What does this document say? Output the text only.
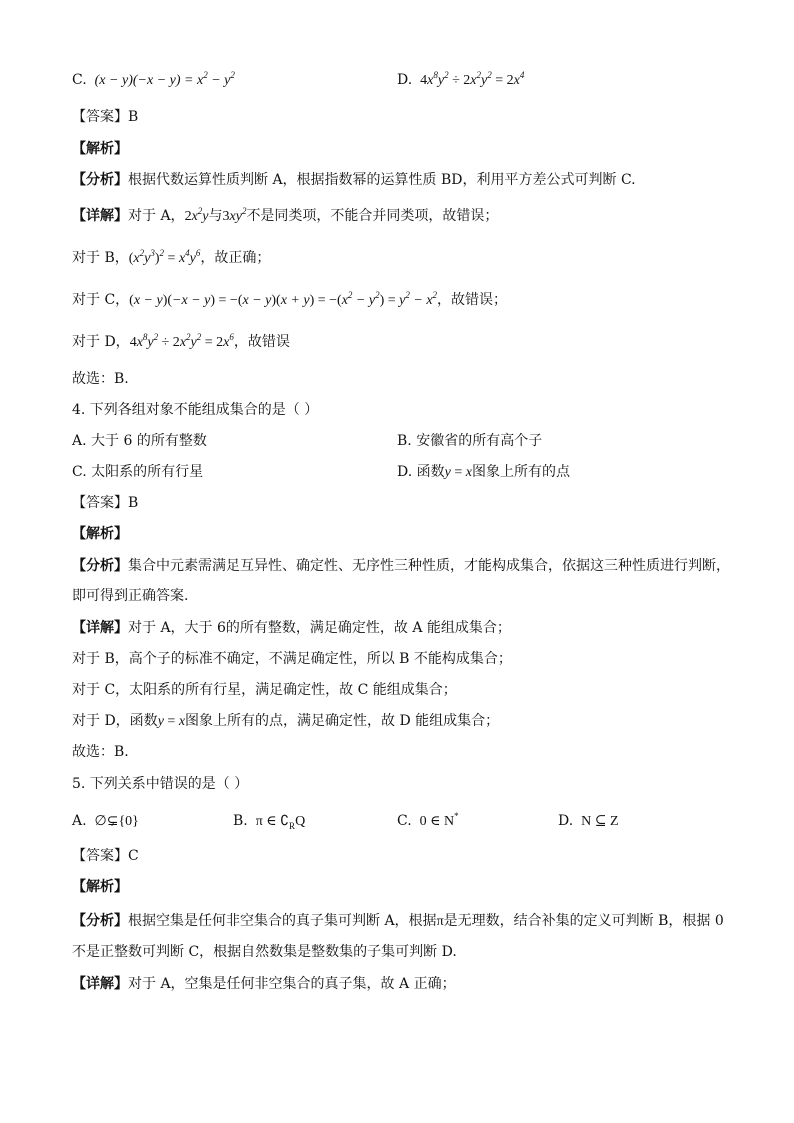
C.  $(x - y)(-x - y) = x^2 - y^2$	D. $4x^8y^2 \div 2x^2y^2 = 2x^4$
【答案】B
【解析】
【分析】根据代数运算性质判断 A，根据指数幂的运算性质 BD，利用平方差公式可判断 C.
【详解】对于 A，$2x^2y$与$3xy^2$不是同类项，不能合并同类项，故错误；
对于 B，$(x^2y^3)^2 = x^4y^6$，故正确；
对于 C，$(x - y)(-x - y) = -(x - y)(x + y) = -(x^2 - y^2) = y^2 - x^2$，故错误；
对于 D，$4x^8y^2 \div 2x^2y^2 = 2x^6$，故错误
故选：B.
4. 下列各组对象不能组成集合的是（ ）
A. 大于 6 的所有整数	B. 安徽省的所有高个子
C. 太阳系的所有行星	D. 函数y = x图象上所有的点
【答案】B
【解析】
【分析】集合中元素需满足互异性、确定性、无序性三种性质，才能构成集合，依据这三种性质进行判断，
即可得到正确答案.
【详解】对于 A，大于 6的所有整数，满足确定性，故 A 能组成集合；
对于 B，高个子的标准不确定，不满足确定性，所以 B 不能构成集合；
对于 C，太阳系的所有行星，满足确定性，故 C 能组成集合；
对于 D，函数y = x图象上所有的点，满足确定性，故 D 能组成集合；
故选：B.
5. 下列关系中错误的是（ ）
A.  ∅⊊{0}	B.  π ∈ $∁_RQ$	C.  0 ∈ N*	D.  N ⊆ Z
【答案】C
【解析】
【分析】根据空集是任何非空集合的真子集可判断 A，根据π是无理数，结合补集的定义可判断 B，根据 0
不是正整数可判断 C，根据自然数集是整数集的子集可判断 D.
【详解】对于 A，空集是任何非空集合的真子集，故 A 正确；
